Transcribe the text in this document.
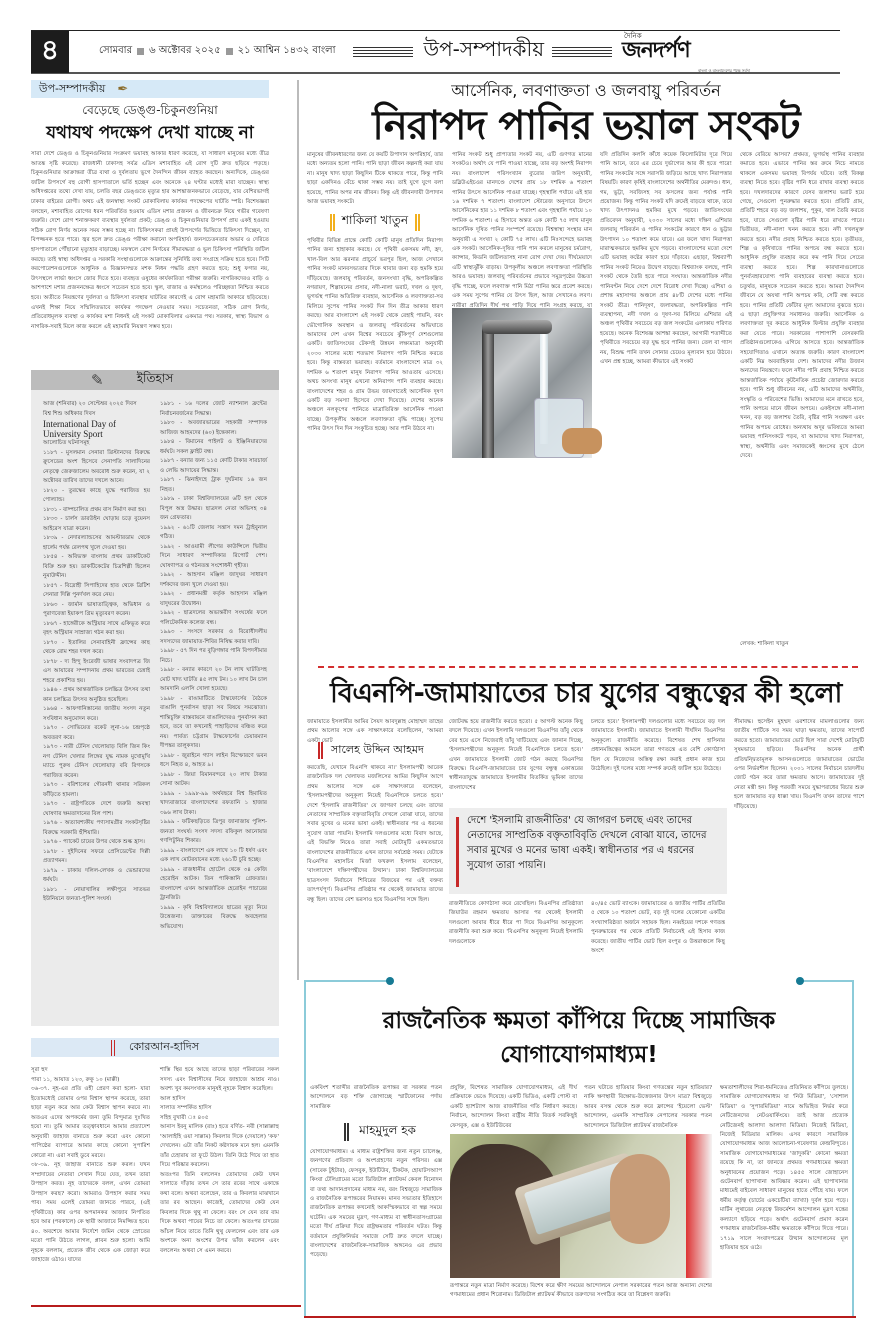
৪	সোমবার ৬ অক্টোবর ২০২৫ ২১ আশ্বিন ১৪৩২ বাংলা	উপ-সম্পাদকীয়
দৈনিক
জনদর্পণ
বাংলা ও বাংলাদেশের পক্ষে সর্বদা
উপ-সম্পাদকীয় ✒
বেড়েছে ডেঙ্গু-চিকুনগুনিয়া
যথাযথ পদক্ষেপ দেখা যাচ্ছে না
সারা দেশে ডেঙ্গু ও চিকুনগুনিয়ার সংক্রমণ ভয়াবহ আকার ধারণ করেছে, যা সাধারণ মানুষের মধ্যে তীব্র আতঙ্ক সৃষ্টি করেছে। রাজধানী ঢাকাসহ সর্বত্র এডিস মশাবাহিত এই রোগ দুটি দ্রুত ছড়িয়ে পড়ছে। চিকুনগুনিয়ার আক্রান্তরা তীব্র ব্যথা ও দুর্বলতায় ভুগে দৈনন্দিন জীবন ব্যাহত করছেন। অন্যদিকে, ডেঙ্গুর জটিল উপসর্গে বহু রোগী হাসপাতালে ভর্তি হচ্ছেন এবং অনেকে ২৪ ঘণ্টার মধ্যেই মারা যাচ্ছেন। স্বাস্থ্য অধিদপ্তরের তথ্যে দেখা যায়, চলতি বছর ডেঙ্গুতে মৃত্যুর হার আশঙ্কাজনকভাবে বেড়েছে, যার বেশিরভাগই ঢাকার বাইরের রোগী। অথচ এই জনস্বাস্থ্য সংকট মোকাবিলায় কার্যকর পদক্ষেপের ঘাটতি স্পষ্ট। বিশেষজ্ঞরা বলছেন, মশাবাহিত রোগের ধরন পরিবর্তিত হওয়ায় এডিস মশার প্রজনন ও জীবনচক্র নিয়ে গভীর গবেষণা জরুরি। দেশে রোগ শনাক্তকরণ ব্যবস্থার দুর্বলতা প্রকট; ডেঙ্গু ও চিকুনগুনিয়ার উপসর্গ প্রায় একই হওয়ায় সঠিক রোগ নির্ণয় অনেক সময় সম্ভব হচ্ছে না। চিকিৎসকরা প্রায়ই উপসর্গের ভিত্তিতে চিকিৎসা দিচ্ছেন, যা বিপজ্জনক হতে পারে। জ্বর হলে দ্রুত ডেঙ্গু পরীক্ষা করানো অপরিহার্য। জনসচেতনতার অভাব ও দেরিতে হাসপাতালে পৌঁছানো মৃত্যুহার বাড়াচ্ছে। মফস্বলে রোগ নির্ণয়ের সীমাবদ্ধতা ও ভুল চিকিৎসা পরিস্থিতি জটিল করছে। তাই স্বাস্থ্য অধিদপ্তর ও সরকারি সংস্থাগুলোকে আক্রান্তের সুনির্দিষ্ট তথ্য সংগ্রহে সক্রিয় হতে হবে। সিটি করপোরেশনগুলোকে আধুনিক ও বিজ্ঞানসম্মত মশক নিধন পদ্ধতি গ্রহণ করতে হবে; শুধু ফগার নয়, উৎসস্থলে লার্ভা ধ্বংসে জোর দিতে হবে। ব্যবহৃত ওষুধের কার্যকারিতা পরীক্ষা জরুরি। নাগরিকদেরও বাড়ি ও আশপাশে মশার প্রজননক্ষেত্র ধ্বংসে সচেতন হতে হবে। স্কুল, বাজার ও কর্মস্থলেও পরিচ্ছন্নতা নিশ্চিত করতে হবে। অতীতে নিয়ন্ত্রণের দুর্বলতা ও চিকিৎসা ব্যবস্থার ঘাটতির কারণেই এ রোগ মহামারি আকারে ছড়িয়েছে। এখনই শিক্ষা নিয়ে সম্মিলিতভাবে কার্যকর পদক্ষেপ নেওয়ার সময়। সচেতনতা, সঠিক রোগ নির্ণয়, প্রতিরোধমূলক ব্যবস্থা ও কার্যকর মশা নিধনই এই সংকট মোকাবিলার একমাত্র পথ। সরকার, স্বাস্থ্য বিভাগ ও নাগরিক-সবাই মিলে কাজ করলে এই মহামারি নিয়ন্ত্রণ সম্ভব হবে।
✎	ইতিহাস

আজ (শনিবার) ২০ সেপ্টেম্বর ২০২৫ দিবস

বিশ্ব শিশু অধিকার দিবস

International Day of University Sport

আলোচিত ঘটনাসমূহ

১১৮৭ - মুসলমান সেনারা খ্রিস্টানদের বিরুদ্ধে ক্রুসেডের অংশ হিসেবে সেনাপতি সালাদিনের নেতৃত্বে জেরুজালেম অবরোধ শুরু করেন, যা ২ অক্টোবর তারিখ তাদের দখলে আনে।

১৮২০ - তুরস্কের কাছে যুদ্ধে পরাজিত হয় পোল্যান্ড।

১৮৩১ - বাষ্পচালিত প্রথম বাস নির্মাণ করা হয়।

১৮৩৩ - চার্লস ডারউইন ঘোড়ায় চড়ে বুয়েনস আইরেস যাত্রা করেন।

১৮৩৯ - নেদারল্যান্ডসের আমস্টারডাম থেকে হার্লেম পর্যন্ত রেলপথ খুলে দেওয়া হয়।

১৮৫৪ - অবিভক্ত বাংলায় প্রথম ডাকটিকেট বিক্রি শুরু হয়। ডাকটিকেটের চিত্রশিল্পী ছিলেন নুমাউদ্দীন।

১৮৫৭ - বিদ্রোহী সিপাহিদের হাত থেকে ব্রিটিশ সেনারা দিল্লি পুনর্দখল করে নেয়।

১৮৬৩ - জার্মান ভাষাতাত্ত্বিক, অভিধান ও পুরাণবেত্তা ইয়াকপ গ্রিম মৃত্যুবরণ করেন।

১৮৬৭ - হাঙ্গেরীকে অস্ট্রিয়ার সাথে একিভূত করে বৃহৎ অস্ট্রিয়ান সাম্রাজ্য গঠন করা হয়।

১৮৭০ - ইতালির সেনাবাহিনী ফ্রান্সের কাছ থেকে রোম শহর দখল করে।

১৮৭৮ - দ্য হিন্দু ইংরেজী ভাষার সংবাদপত্র জি এস আয়ারের সম্পাদনায় প্রথম ভারতের চেন্নাই শহরে প্রকাশিত হয়।

১৯৪৬ - প্রথম আন্তর্জাতিক চলচ্চিত্র উৎসব তথা কান চলচ্চিত্র উৎসব অনুষ্ঠিত হয়েছিল।

১৯৬৪ - আফগানিস্তানের জাতীয় সংসদ নতুন সংবিধান অনুমোদন করে।

১৯৭০ - সোভিয়েত রকেট লুনা-১৬ চন্দ্রপৃষ্ঠে অবতরণ করে।

১৯৭৩ - নারী টেনিস খেলোয়াড় বিলি জিন কিং নগ টেনিস খেলার লিঙ্গের যুদ্ধ নামক মুখোমুখি ম্যাচে পুরুষ টেনিস খেলোয়াড় ববি রিগসকে পরাজিত করেন।

১৯৭৩ - বরিশালের গৌরনদী থানার সরিকল ফাঁড়িতে হামলা।

১৯৭৩ - রাষ্ট্রপতিকে দেশে জরুরি অবস্থা ঘোষণার ক্ষমতাদানের বিল পাশ।

১৯৭৬ - অত্যাবশ্যকীয় পণ্যসামগ্রীর সংকটসৃষ্টির বিরুদ্ধে সরকারি হুঁশিয়ারি।

১৯৭৬ - প্যাকেট চায়ের উপর থেকে শুল্ক হ্রাস।

১৯৭৮ - দুইদিনের সফরে প্রেসিডেন্টের দিল্লী প্রত্যাগমন।

১৯৭৯ - ঢাকায় দলিল-লেখক ও ভেন্ডারদের ধর্মঘট।

১৯৮১ - নোয়াখালির লক্ষীপুরে সাতভর ইউনিয়নে জনতা-পুলিশ সংঘর্ষ।

১৯৮১ - ১৬ দলের জোট ন্যাশনাল ফ্রন্টের নির্বাচনবর্জনের সিদ্ধান্ত।

১৯৮৩ - অবজারভারের সহকারী সম্পাদক আজিজ আহমদের (৬০) ইন্তেকাল।

১৯৮৪ - বিমানের পাইলট ও ইঞ্জিনিয়ারদের ধর্মঘট। সকল ফ্লাইট বন্ধ।

১৯৮৭ - বন্যার জন্য ১১৫ কোটি টাকার সারচার্জ ও লেভি আদায়ের সিদ্ধান্ত।

১৯৮৭ - ঝিনাইদহে ট্রাক দুর্ঘটনায় ১৬ জন নিহত।

১৯৮৯ - ঢাকা বিশ্ববিদ্যালয়ের ৬টি হল থেকে বিপুল অস্ত্র উদ্ধার। ছাত্রদল নেতা অভিসহ ৩৪ জন গ্রেফতার।

১৯৯২ - ৬১টি জেলায় সন্ত্রাস দমন ট্রাইবুনাল গঠিত।

১৯৯২ - আওয়ামী লীগের কাউন্সিলে দ্বিতীয় দিনে সাধারণ সম্পাদিকার রিপোর্ট পেশ। ঘোষণাপত্র ও গঠনতন্ত্র সংশোধনী গৃহীত।

১৯৯২ - আহসান মঞ্জিল জাদুঘর সাধারণ দর্শকদের জন্য খুলে দেওয়া হয়।

১৯৯২ - প্রধানমন্ত্রী কর্তৃক আহসান মঞ্জিল যাদুঘরের উদ্বোধন।

১৯৯২ - ছাত্রদলের অভ্যন্তরীণ সংঘর্ষের ফলে পলিটেকনিক কলেজ বন্ধ।

১৯৯৩ - সংসদে সরকার ও বিরোধীদলীয় সদস্যদের জামায়াত-শিবির নিষিদ্ধ করার দাবি।

১৯৯৮ - ৫৭ দিন পর বুড়িগঙ্গার পানি বিপদসীমার নিচে।

১৯৯৮ - বন্যার কারণে ২০ টন লাখ ঘাটতিসহ মোট খাদ্য ঘাটতি ৪৫ লাখ টন। ১০ লাখ টন চাল আমদানি এলসি খোলা হয়েছে।

১৯৯৮ - রাঙামাটিতে টাস্কফোর্সের বৈঠকে বাঙালি পুনর্বাসন ছাড়া সব বিষয়ে সমঝোতা। শান্তিচুক্তি বাস্তবায়নে বাঙালিদেরও পুনর্বাসন করা হবে, তবে তা কখনোই পাহাড়িদের বঞ্চিত করে নয়। পার্বত্য চট্টগ্রাম টাস্কফোর্সের চেয়ারম্যান দীপঙ্কর তালুকদার।

১৯৯৮ - জুরাইনে গ্যাস লাইন বিস্ফোরণে ভবন ধসে নিহত ৪, আহত ৯।

১৯৯৮ - জিয়া বিমানবন্দরে ২০ লাখ টাকার সোনা আটক।

১৯৯৯ - ১৯৯৮-৯৯ অর্থবছরে বিশ্ব হিমায়িত খাদ্যবাজারে বাংলাদেশের রফতানি ১ হাজার ৩৯৬ লাখ টাকা।

১৯৯৯ - ফটিকছড়িতে ত্রিপুর জানাজায় পুলিশ-জনতা সংঘর্ষ। সংসদ সদস্য রফিকুল আনোয়ার গণপিটুনির শিকার।

১৯৯৯ - বাংলাদেশে এক লাখে ১০ টি ধর্ষণ এবং এক লাখ মোটরযানের মধ্যে ২৬১টি চুরি হচ্ছে।

১৯৯৯ - রাজধানীর হোটেল থেকে ৩৪ কেজি হেরোইন আটক। তিন পাকিস্তানি গ্রেফতার। বাংলাদেশ এখন আন্তর্জাতিক হেরোইন পাচারের ট্রানজিট।

১৯৯৯ - কৃষি বিশ্ববিদ্যালয়ে ছাত্রের মৃত্যু নিয়ে উত্তেজনা। ডাক্তারের বিরুদ্ধে অবহেলার অভিযোগ।

কোরআন-হাদিস

সূরা হুদ

পারা ১১, আয়াত ১২৩, রুকু ১০ (মাক্কী)

৩৬-৩৭. নূহ-এর প্রতি ওহী প্রেরণ করা হলো- যারা ইতোমধ্যেই তোমার ওপর বিশ্বাস স্থাপন করেছে, তারা ছাড়া নতুন করে আর কেউ বিশ্বাস স্থাপন করবে না। অতএব এদের অপকর্মের জন্য তুমি বিন্দুমাত্র দুঃখিত হয়ো না। তুমি আমার তত্ত্বাবধানে আমার প্রত্যাদেশ অনুযায়ী জাহাজ বানাতে শুরু করো এবং কোনো পাপিষ্ঠের ব্যাপারে আমার কাছে কোনো সুপারিশ কোরো না। এরা সবাই ডুবে মরবে।

৩৮-৩৯. নূহ জাহাজ বানাতে শুরু করল। যখন সম্প্রদায়ের নেতারা সেখান দিয়ে যেত, তখন তারা উপহাস করত। নূহ তাদেরকে বলল, এখন তোমরা উপহাস করছ? করো। আমরাও উপহাস করার সময় পাব। সময় এলেই তোমরা জানতে পারবে, (এই পৃথিবীতে) কার ওপর অপমানকর আজাব নিপতিত হবে আর (পরকালে) কে স্থায়ী আজাবে নিমজ্জিত হবে।

৪০. অবশেষে আমার নির্দেশে জমিন থেকে স্রোতের মতো পানি উঠতে লাগল, প্লাবন শুরু হলো। আমি নূহকে বললাম, প্রত্যেক জীব থেকে এক জোড়া করে জাহাজে ওঠাও। যাদের

শাস্তি স্থির হয়ে আছে তাদের ছাড়া পরিবারের সকল সদস্য এবং বিশ্বাসীদের নিয়ে জাহাজে আশ্রয় নাও। অবশ্য খুব কমসংখ্যক মানুষই নূহকে বিশ্বাস করেছিল।

আল হাদিস

সালাত সম্পর্কিত হাদিস

সহিহ বুখারী ঃ ৪০৫

আনাস ইবনু মালিক (রাঃ) হতে বর্ণিত- নবী (সাল্লাল্লাহু 'আলাইহি ওয়া সাল্লাম) কিবলার দিকে (দেয়ালে) 'কফ' দেখলেন। এটা তাঁর নিকট কষ্টদায়ক মনে হল। এমনকি তাঁর চেহারায় তা ফুটে উঠল। তিনি উঠে গিয়ে তা হাত দিয়ে পরিষ্কার করলেন।

অতঃপর তিনি বললেনঃ তোমাদের কেউ যখন সালাতে দাঁড়ায় তখন সে তার রবের সাথে একান্তে কথা বলে। অথবা বলেছেন, তার ও কিবলার মাঝখানে তার রব আছেন। কাজেই, তোমাদের কেউ যেন কিবলার দিকে থুথু না ফেলে। বরং সে যেন তার বাম দিকে অথবা পায়ের নিচে তা ফেলে। অতঃপর চাদরের আঁচল নিয়ে তাতে তিনি থুথু ফেললেন এবং তার এক অংশকে অন্য অংশের উপর ভাঁজ করলেন এবং বললেনঃ অথবা সে এমন করবে।

আর্সেনিক, লবণাক্ততা ও জলবায়ু পরিবর্তন
নিরাপদ পানির ভয়াল সংকট
মানুষের জীবনধারণের জন্য যে কয়টি উপাদান অপরিহার্য, তার মধ্যে অন্যতম হলো পানি। পানি ছাড়া জীবন কল্পনাই করা যায় না। মানুষ খাদ্য ছাড়া কিছুদিন টিকে থাকতে পারে, কিন্তু পানি ছাড়া একদিনও বেঁচে থাকা সম্ভব নয়। তাই যুগে যুগে বলা হয়েছে, পানির অপর নাম জীবন। কিন্তু এই জীবনদায়ী উপাদান আজ ভয়াবহ সংকটে।
শাকিলা খাতুন
পৃথিবীর বিভিন্ন প্রান্তে কোটি কোটি মানুষ প্রতিদিন নিরাপদ পানির জন্য হাহাকার করছে। যে পৃথিবী একসময় নদী, হ্রদ, খাল-বিল আর ঝরনার প্রাচুর্যে ভরপুর ছিল, আজ সেখানে পানির সংকট মানবসভ্যতার দিকে থাবার জন্য বড় হুমকি হয়ে দাঁড়িয়েছে। জলবায়ু পরিবর্তন, জনসংখ্যা বৃদ্ধি, অপরিকল্পিত নগরায়ণ, শিল্পায়নের প্রসার, নদী-নালা ভরাট, দখল ও দূষণ, ভূগর্ভস্থ পানির অতিরিক্ত ব্যবহার, আর্সেনিক ও লবণাক্ততা-সব মিলিয়ে সুপেয় পানির সংকট দিন দিন তীব্র আকার ধারণ করছে। আর বাংলাদেশ এই সংকট থেকে রেহাই পায়নি, বরং ভৌগোলিক অবস্থান ও জলবায়ু পরিবর্তনের অভিঘাতে আমাদের দেশ এখন বিশ্বের সবচেয়ে ঝুঁকিপূর্ণ দেশগুলোর একটি। জাতিসংঘের টেকসই উন্নয়ন লক্ষ্যমাত্রা অনুযায়ী ২০৩০ সালের মধ্যে শতভাগ নিরাপদ পানি নিশ্চিত করতে হবে। কিন্তু বাস্তবতা ভয়াবহ। বর্তমানে বাংলাদেশে মাত্র ৩২ দশমিক ৬ শতাংশ মানুষ নিরাপদ পানির আওতায় এসেছে। অথচ অসংখ্য মানুষ এখনো অনিরাপদ পানি ব্যবহার করছে। বাংলাদেশের শহর ও গ্রাম উভয় জায়গাতেই আর্সেনিক দূষণ একটি বড় সমস্যা হিসেবে দেখা দিয়েছে। দেশের অনেক অঞ্চলে নলকূপের পানিতে মাত্রাতিরিক্ত আর্সেনিক পাওয়া যাচ্ছে। উপকূলীয় অঞ্চলে লবণাক্ততা বৃদ্ধি পাচ্ছে। সুপেয় পানির উৎস দিন দিন সংকুচিত হচ্ছে। আর পানি উঠবে না।
পানির সংকট শুধু প্রাপ্যতার সংকট নয়, এটি গুণগত মানের সংকটও। অর্থাৎ যে পানি পাওয়া যাচ্ছে, তার বড় অংশই নিরাপদ নয়। বাংলাদেশ পরিসংখ্যান ব্যুরোর জরিপ অনুযায়ী, ডব্লিউএইচওর মানদণ্ডে দেশের প্রায় ১৮ দশমিক ৬ শতাংশ পানির উৎসে আর্সেনিক পাওয়া যাচ্ছে। গৃহস্থালি পর্যায়ে এই হার ১৬ দশমিক ৭ শতাংশ। বাংলাদেশ স্টোরেজ অনুসারে উৎসে আর্সেনিকের হার ১১ দশমিক ৮ শতাংশ এবং গৃহস্থালি পর্যায়ে ১০ দশমিক ৬ শতাংশ। এ হিসাবে অন্তত এক কোটি ৭৫ লাখ মানুষ আর্সেনিক দূষিত পানির সংস্পর্শে রয়েছে। বিশ্বস্বাস্থ্য সংস্থার মান অনুযায়ী এ সংখ্যা ২ কোটি ৭৫ লাখ। এটি নিঃসন্দেহে ভয়াবহ এক সংকট। আর্সেনিক-দূষিত পানি পান করলে মানুষের চর্মরোগ, ক্যান্সার, কিডনি জটিলতাসহ নানা রোগ দেখা দেয়। দীর্ঘমেয়াদে এটি স্বাস্থ্যঝুঁকি বাড়ায়। উপকূলীয় অঞ্চলে লবণাক্ততা পরিস্থিতি আরও ভয়াবহ। জলবায়ু পরিবর্তনের প্রভাবে সমুদ্রপৃষ্ঠের উচ্চতা বৃদ্ধি পাচ্ছে, ফলে লবণাক্ত পানি মিঠা পানির স্তরে প্রবেশ করছে। এক সময় সুপেয় পানির যে উৎস ছিল, আজ সেখানেও লবণ। নারীরা প্রতিদিন দীর্ঘ পথ পাড়ি দিয়ে পানি সংগ্রহ করছে, যা
যদি প্রতিদিন কলসি কাঁধে কয়েক কিলোমিটার দূরে গিয়ে পানি আনে, তবে এর চেয়ে দুর্ভাগ্যের আর কী হতে পারে! পানির সংকটের সঙ্গে সরাসরি জড়িয়ে আছে খাদ্য নিরাপত্তার বিষয়টি। কারণ কৃষিই বাংলাদেশের অর্থনীতির মেরুদণ্ড। ধান, গম, ভুট্টা, সবজিসহ সব ফসলের জন্য পর্যাপ্ত পানি প্রয়োজন। কিন্তু পানির সংকট যদি ক্রমেই বাড়তে থাকে, তবে খাদ্য উৎপাদনও হুমকির মুখে পড়বে। জাতিসংঘের প্রতিবেদন অনুযায়ী, ২০৩০ সালের মধ্যে দক্ষিণ এশিয়ার জলবায়ু পরিবর্তন ও পানির সংকটের কারণে ধান ও ভুট্টার উৎপাদন ১০ শতাংশ কমে যাবে। এর ফলে খাদ্য নিরাপত্তা মারাত্মকভাবে হুমকির মুখে পড়বে। বাংলাদেশের মতো দেশে এটি ভয়াবহ কষ্টের কারণ হয়ে দাঁড়াবে। এছাড়া, বিশ্বব্যাপী পানির সংকট নিয়েও উদ্বেগ বাড়ছে। বিশ্বব্যাংক বলছে, পানি সংকট থেকে তৈরি হতে পারে সংঘাত। আন্তর্জাতিক নদীর পানিবণ্টন নিয়ে দেশে দেশে বিরোধ দেখা দিচ্ছে। এশিয়া ও প্রশান্ত মহাসাগর অঞ্চলে প্রায় ৪৮টি দেশের মধ্যে পানির সংকট তীব্র। পানিদূষণ, জলাবদ্ধতা, অপরিকল্পিত পানি ব্যবস্থাপনা, নদী দখল ও দূষণ-সব মিলিয়ে এশিয়ার এই অঞ্চল পৃথিবীর সবচেয়ে বড় জল সংকটের এলাকায় পরিণত হয়েছে। অনেক বিশেষজ্ঞ আশঙ্কা করছেন, আগামী শতাব্দীতে পৃথিবীতে সবচেয়ে বড় যুদ্ধ হবে পানির জন্য। তেল বা গ্যাস নয়, বিশুদ্ধ পানি তখন সোনার চেয়েও মূল্যবান হয়ে উঠবে। এখন প্রশ্ন হচ্ছে, আমরা কীভাবে এই সংকট
থেকে বেরিয়ে আসব? প্রথমত, ভূগর্ভস্থ পানির ব্যবহার কমাতে হবে। এভাবে পানির স্তর ক্রমে নিচে নামতে থাকলে একসময় ভয়াবহ বিপর্যয় ঘটবে। তাই বিকল্প ব্যবস্থা নিতে হবে। বৃষ্টির পানি ধরে রাখার ব্যবস্থা করতে হবে। দখলদারদের কারণে যেসব জলাশয় ভরাট হয়ে গেছে, সেগুলো পুনরুদ্ধার করতে হবে। প্রতিটি গ্রাম, প্রতিটি শহরে বড় বড় জলাশয়, পুকুর, খাল তৈরি করতে হবে, যাতে সেগুলো বৃষ্টির পানি ধরে রাখতে পারে। দ্বিতীয়ত, নদী-নালা খনন করতে হবে। নদী দখলমুক্ত করতে হবে। নদীর প্রবাহ নিশ্চিত করতে হবে। তৃতীয়ত, শিল্প ও কৃষিখাতে পানির অপচয় বন্ধ করতে হবে। আধুনিক প্রযুক্তি ব্যবহার করে কম পানি দিয়ে সেচের ব্যবস্থা করতে হবে। শিল্প কারখানাগুলোতে পুনর্ব্যবহারযোগ্য পানি ব্যবহারের ব্যবস্থা করতে হবে। চতুর্থত, মানুষকে সচেতন করতে হবে। আমরা দৈনন্দিন জীবনে যে অযথা পানি অপচয় করি, সেটি বন্ধ করতে হবে। পানির প্রতিটি ফোঁটার মূল্য আমাদের বুঝতে হবে। এ ছাড়া প্রযুক্তিগত সমাধানও জরুরি। আর্সেনিক ও লবণাক্ততা দূর করতে আধুনিক ফিল্টার প্রযুক্তি ব্যবহার করা যেতে পারে। সরকারের পাশাপাশি বেসরকারি প্রতিষ্ঠানগুলোকেও এগিয়ে আসতে হবে। আন্তর্জাতিক সহযোগিতাও এখানে অত্যন্ত জরুরি। কারণ বাংলাদেশ একটি নিম্ন অববাহিকার দেশ। আমাদের নদীর উজান অন্যদের নিয়ন্ত্রণে। ফলে নদীর পানি প্রবাহ নিশ্চিত করতে আন্তর্জাতিক পর্যায়ে কূটনৈতিক প্রচেষ্টা জোরদার করতে হবে। পানি শুধু জীবনের নয়, এটি আমাদের অর্থনীতি, সংস্কৃতি ও পরিবেশের ভিত্তি। আমাদের মনে রাখতে হবে, পানি অপচয় মানে জীবন অপচয়। একইসঙ্গে নদী-নালা খনন, বড় বড় জলাশয় তৈরি, বৃষ্টির পানি সংরক্ষণ এবং পানির অপচয় রোধের। অন্যথায় অদূর ভবিষ্যতে আমরা ভয়াবহ পানিসংকটে পড়ব, যা আমাদের খাদ্য নিরাপত্তা, স্বাস্থ্য, অর্থনীতি এবং সমাজকেই ধ্বংসের মুখে ঠেলে দেবে।
লেখক: শাকিলা খাতুন
বিএনপি-জামায়াতের চার যুগের বন্ধুত্বের কী হলো
জামায়াতে ইসলামীর আমির সৈয়দ আবদুল্লাহ মোহাম্মদ তাহের প্রথম আলোর সঙ্গে এক সাক্ষাৎকারে বলেছিলেন, 'আমরা একটা ভোট
সালেহ উদ্দিন আহমদ
করতেছি, যেখানে বিএনপি থাকবে না।' ইসলামপন্থী আরেক রাজনৈতিক দল খেলাফত মজলিসের আমির কিছুদিন আগে প্রথম আলোর সঙ্গে এক সাক্ষাৎকারে বলেছেন, 'ইসলামপন্থীদের অনুকূল্য নিয়েই বিএনপিকে চলতে হবে।' দেশে 'ইসলামি রাজনীতির' যে জাগরণ চলছে এবং তাদের নেতাদের সাম্প্রতিক বক্তৃতাবিবৃতি দেখলে বোঝা যাবে, তাদের সবার মুখের ও মনের ভাষা একই। স্বাধীনতার পর এ ধরনের সুযোগ তারা পায়নি। ইসলামি দলগুলোর মধ্যে বিবাদ আছে, এই বিভক্তি নিয়েও তারা সবাই মোটামুটি একমতভাবে বাংলাদেশের রাজনীতিতে এখন তাদের সর্বশ্রেষ্ঠ সময়। যেটাকে বিএনপির মহাসচিব মির্জা ফখরুল ইসলাম বলেছেন, 'বাংলাদেশে দক্ষিণপন্থীদের উত্থান'। ঢাকা বিশ্ববিদ্যালয়ের ছাত্রসংসদ নির্বাচনে শিবিরের বিজয়ের পর এই বক্তব্য তাৎপর্যপূর্ণ। বিএনপির প্রতিষ্ঠার পর থেকেই জামায়াত তাদের বন্ধু ছিল। তাদের বেশ ভরসাও হয়ে বিএনপির সঙ্গে ছিল।
জোটবদ্ধ হয়ে রাজনীতি করতে হতো। ৫ আগস্ট অনেক কিছু বদলে দিয়েছে। এখন ইসলামি দলগুলো বিএনপির তাঁবু থেকে বের হয়ে এসে নিজেরাই তাঁবু খাটিয়েছে এবং জানান দিচ্ছে, 'ইসলামপন্থীদের অনুকূল্য নিয়েই বিএনপিকে চলতে হবে।' এখন জামায়াতে ইসলামী জোট গঠন করছে বিএনপির বিরুদ্ধে। বিএনপি-জামায়াতের চার যুগের বন্ধুত্ব একাত্তরের স্বাধীনতাযুদ্ধে জামায়াতে ইসলামীর বিতর্কিত ভূমিকা তাদের বাংলাদেশের
চলতে হবে।' ইসলামপন্থী দলগুলোর মধ্যে সবচেয়ে বড় দল জামায়াতে ইসলামী। জামায়াতে ইসলামী দীর্ঘদিন বিএনপির অনুকূল্যে রাজনীতি করেছে। বিশেষত শেখ হাসিনার প্রধানমন্ত্রিত্বের আমলে তারা গণতন্ত্রে এত বেশি কোণঠাসা ছিল যে নিজেদের অস্তিত্ব রক্ষা করাই প্রধান কাজ হয়ে উঠেছিল। দুই দলের মধ্যে সম্পর্ক ক্রমেই জটিল হয়ে উঠেছে।
দেশে 'ইসলামি রাজনীতির' যে জাগরণ চলছে এবং তাদের নেতাদের সাম্প্রতিক বক্তৃতাবিবৃতি দেখলে বোঝা যাবে, তাদের সবার মুখের ও মনের ভাষা একই। স্বাধীনতার পর এ ধরনের সুযোগ তারা পায়নি।
রাজনীতিতে কোণঠাসা করে রেখেছিল। বিএনপির প্রতিষ্ঠাতা জিয়াউর রহমান ক্ষমতায় আসার পর থেকেই ইসলামী দলগুলো আবার ধীরে ধীরে পা দিয়ে বিএনপির আনুকূল্যে রাজনীতি করা শুরু করে। 'বিএনপির অনুকূল্য নিয়েই ইসলামি দলগুলোকে
৪০/৪৫ ভোট ব্যাংকে। জামায়াতের ও জাতীয় পার্টির প্রতিটির ৫ থেকে ১০ শতাংশ ভোট, বড় দুই দলের যেকোনো একটির সংখ্যাগরিষ্ঠতা অর্জনে সহায়ক ছিল। নব্বইয়ের দশকে গণতন্ত্র পুনরুদ্ধারের পর থেকে প্রতিটি নির্বাচনেই এই হিসাব কাজ করেছে। জাতীয় পার্টির ভোট ছিল রংপুর ও উত্তরাঞ্চলে কিছু অংশে
সীমাবদ্ধ। হুসেইন মুহম্মদ এরশাদের মামলাগুলোর জন্য জাতীয় পার্টিকে সব সময় ঘাড়া ক্ষমতায়, তাদের সাপোর্ট করতে হতো। জামায়াতের ভোট ছিল সারা দেশেই মোটামুটি সুষমভাবে ছড়িয়ে। বিএনপির অনেক প্রার্থী প্রতিদ্বন্দ্বিতামূলক আসনগুলোতে জামায়াতের ভোটের ওপর নির্ভরশীল ছিলেন। ২০০১ সালের নির্বাচনে চারদলীয় জোট গঠন করে তারা ক্ষমতায় আসে। জামায়াতের দুই নেতা মন্ত্রী হন। কিন্তু পরবর্তী সময়ে যুদ্ধাপরাধের বিচার শুরু হলে জামায়াত বড় ধাক্কা খায়। বিএনপি তখন তাদের পাশে দাঁড়িয়েছে।
রাজনৈতিক ক্ষমতা কাঁপিয়ে দিচ্ছে সামাজিক যোগাযোগমাধ্যম!
একবিংশ শতাব্দীর রাজনৈতিক রূপান্তর বা সরকার পতন আন্দোলনে বড় শক্তি জোগাচ্ছে স্মার্টফোনের পর্দায় সামাজিক
মাহমুদুল হক
যোগাযোগমাধ্যম। এ মাধ্যম রাষ্ট্রশক্তির জন্য নতুন চ্যালেঞ্জ, জনগণের প্রতিবাদ ও অংশগ্রহণের নতুন পরিসর। এক্স (সাবেক টুইটার), ফেসবুক, ইউটিউব, টিকটক, হোয়াটসঅ্যাপ কিংবা টেলিগ্রামের মতো ডিজিটাল প্ল্যাটফর্ম কেবল বিনোদন বা তথ্য আদানপ্রদানের মাধ্যম নয়, বরং বিশ্বজুড়ে সামাজিক ও রাজনৈতিক রূপান্তরের নিয়ামক। মানব সভ্যতার ইতিহাসে রাজনৈতিক রূপান্তর কখনোই আকস্মিকভাবে বা স্বল্প সময়ে ঘটেনি। এক সময়ের মুদ্রণ, গণ-মাধ্যম বা স্বাধীনতাসংগ্রামের মতো দীর্ঘ প্রক্রিয়া দিয়ে রাষ্ট্রক্ষমতার পরিবর্তন ঘটত। কিন্তু বর্তমানে প্রযুক্তিনির্ভর সমাজে সেটি দ্রুত বদলে যাচ্ছে। বাংলাদেশের রাজনৈতিক-সামাজিক অঙ্গনেও এর প্রভাব পড়েছে।
প্রযুক্তি, বিশেষত সামাজিক যোগাযোগমাধ্যম, এই দীর্ঘ প্রক্রিয়াকে ভেঙে দিয়েছে। একটি ভিডিও, একটি পোস্ট বা একটি হ্যাশট্যাগ আজ রাজনীতির গতি নির্ধারণ করছে। নির্বাচন, আন্দোলন কিংবা রাষ্ট্রীয় নীতি বিতর্ক সবকিছুই ফেসবুক, এক্স ও ইউটিউবের
পতন ঘটাতে হাতিয়ার কিংবা গণতন্ত্রের নতুন হাতিয়ার? নাকি ক্ষণস্থায়ী বিক্ষোভ-উত্তেজনার উৎস মাত্র? বিশ্বজুড়ে আরব বসন্ত থেকে শুরু করে ফ্রান্সের 'ইয়েলো ভেস্ট' আন্দোলন, এমনকি সাম্প্রতিক নেপালের সরকার পতন আন্দোলনে ডিজিটাল প্ল্যাটফর্ম রাজনৈতিক
রূপান্তরে নতুন মাত্রা নির্মাণ করেছে। বিশেষ করে ক্ষীণ সময়ের আন্দোলনে নেপাল সরকারের পতন আজ অন্যান্য দেশের গণমাধ্যমের প্রধান শিরোনাম। ডিজিটাল প্ল্যাটফর্ম কীভাবে তরুণদের সংগঠিত করে তা বিশ্লেষণ জরুরি।
ক্ষমতাশালীদের শিরা-ধমনিতেও প্রতিনিয়ত কাঁপিয়ে তুলছে। সামাজিক যোগাযোগমাধ্যম যা 'নিউ মিডিয়া', 'সোশাল মিডিয়া' ও 'সুপারমিডিয়া' নামে অভিহিত নির্ভর করে নেটিজেনদের নেটওয়ার্কিংয়ে। তাই আজ প্রত্যেক নেটিজেনই আলাদা আলাদা মিডিয়া। নিজেই মিডিয়া, নিজেই মিডিয়ার মালিক। এসব কারণে সামাজিক যোগাযোগমাধ্যম আজ আলোচনা-গবেষণার কেন্দ্রবিন্দুতে। সামাজিক যোগাযোগমাধ্যমের 'জাদুকরি' কোনো ক্ষমতা রয়েছে কি না, তা জানতে প্রথমত গণমাধ্যমের ক্ষমতা অনুধাবনের প্রয়োজন পড়ে। ১৪৫৫ সালে জোহানেস গুটেনবার্গ ছাপাখানা আবিষ্কার করেন। এই ছাপাখানার মাধ্যমেই বাইবেল সাধারণ মানুষের হাতে পৌঁছে যায়। ফলে ধর্মীয় কর্তৃত্ব (চার্চের একচেটিয়া ব্যাখ্যা) দুর্বল হয়ে পড়ে। মার্টিন লুথারের নেতৃত্বে রিফর্মেশন আন্দোলন মুদ্রণ যন্ত্রের কল্যাণে ছড়িয়ে পড়ে। অর্থাৎ গুটেনবার্গ প্রমাণ করেন গণমাধ্যম রাজনৈতিক-ধর্মীয় ক্ষমতাকে কাঁপিয়ে দিতে পারে। ১৭১৯ সালে সংবাদপত্রের উত্থান আন্দোলনের মূল হাতিয়ার হয়ে ওঠে।
